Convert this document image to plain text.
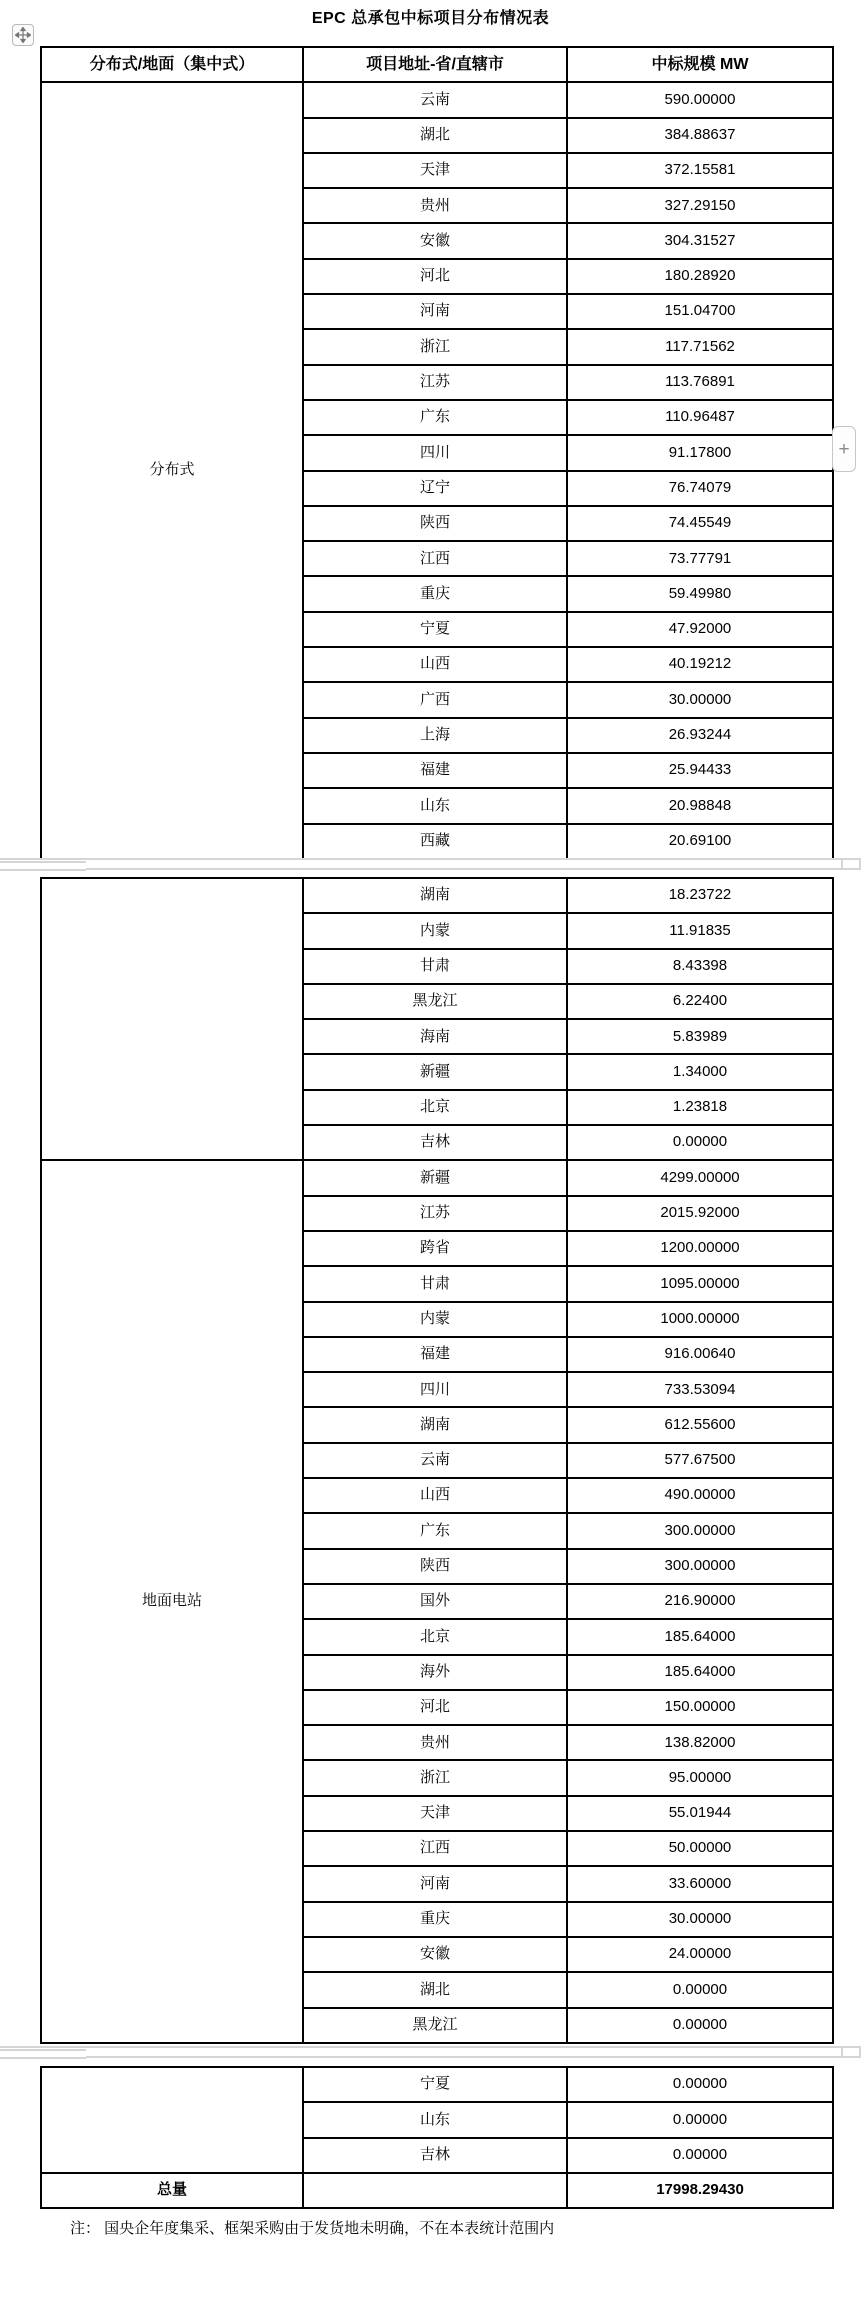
EPC 总承包中标项目分布情况表
分布式/地面（集中式）	项目地址-省/直辖市	中标规模 MW
分布式	云南	590.00000
	湖北	384.88637
	天津	372.15581
	贵州	327.29150
	安徽	304.31527
	河北	180.28920
	河南	151.04700
	浙江	117.71562
	江苏	113.76891
	广东	110.96487
	四川	91.17800
	辽宁	76.74079
	陕西	74.45549
	江西	73.77791
	重庆	59.49980
	宁夏	47.92000
	山西	40.19212
	广西	30.00000
	上海	26.93244
	福建	25.94433
	山东	20.98848
	西藏	20.69100
	湖南	18.23722
	内蒙	11.91835
	甘肃	8.43398
	黑龙江	6.22400
	海南	5.83989
	新疆	1.34000
	北京	1.23818
	吉林	0.00000
地面电站	新疆	4299.00000
	江苏	2015.92000
	跨省	1200.00000
	甘肃	1095.00000
	内蒙	1000.00000
	福建	916.00640
	四川	733.53094
	湖南	612.55600
	云南	577.67500
	山西	490.00000
	广东	300.00000
	陕西	300.00000
	国外	216.90000
	北京	185.64000
	海外	185.64000
	河北	150.00000
	贵州	138.82000
	浙江	95.00000
	天津	55.01944
	江西	50.00000
	河南	33.60000
	重庆	30.00000
	安徽	24.00000
	湖北	0.00000
	黑龙江	0.00000
	宁夏	0.00000
	山东	0.00000
	吉林	0.00000
总量		17998.29430
注： 国央企年度集采、框架采购由于发货地未明确，不在本表统计范围内
+
